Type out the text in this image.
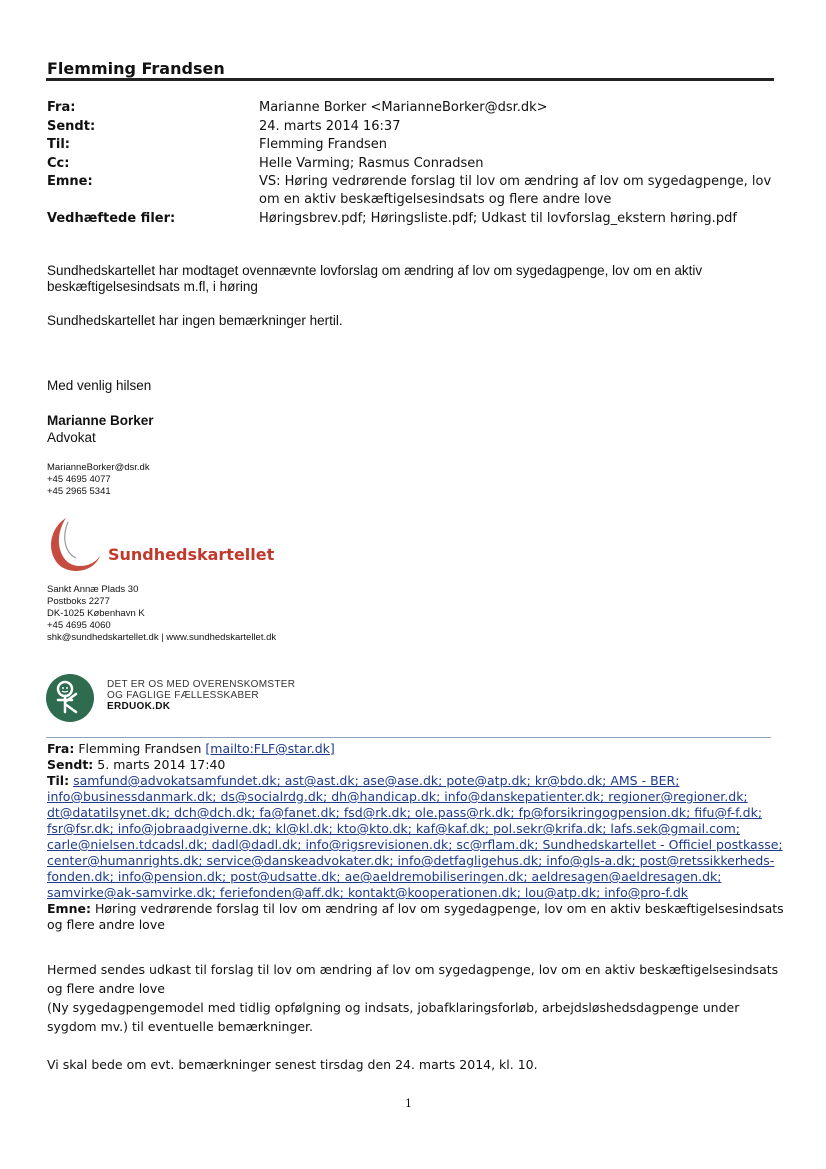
Flemming Frandsen
Fra:	Marianne Borker <MarianneBorker@dsr.dk>
Sendt:	24. marts 2014 16:37
Til:	Flemming Frandsen
Cc:	Helle Varming; Rasmus Conradsen
Emne:	VS: Høring vedrørende forslag til lov om ændring af lov om sygedagpenge, lov om en aktiv beskæftigelsesindsats og flere andre love
Vedhæftede filer:	Høringsbrev.pdf; Høringsliste.pdf; Udkast til lovforslag_ekstern høring.pdf
Sundhedskartellet har modtaget ovennævnte lovforslag om ændring af lov om sygedagpenge, lov om en aktiv beskæftigelsesindsats m.fl, i høring
Sundhedskartellet har ingen bemærkninger hertil.
Med venlig hilsen
Marianne Borker
Advokat
MarianneBorker@dsr.dk
+45 4695 4077
+45 2965 5341
Sundhedskartellet
Sankt Annæ Plads 30
Postboks 2277
DK-1025 København K
+45 4695 4060
shk@sundhedskartellet.dk | www.sundhedskartellet.dk
DET ER OS MED OVERENSKOMSTER
OG FAGLIGE FÆLLESSKABER
ERDUOK.DK
Fra: Flemming Frandsen [mailto:FLF@star.dk]
Sendt: 5. marts 2014 17:40
Til: samfund@advokatsamfundet.dk; ast@ast.dk; ase@ase.dk; pote@atp.dk; kr@bdo.dk; AMS - BER;
info@businessdanmark.dk; ds@socialrdg.dk; dh@handicap.dk; info@danskepatienter.dk; regioner@regioner.dk;
dt@datatilsynet.dk; dch@dch.dk; fa@fanet.dk; fsd@rk.dk; ole.pass@rk.dk; fp@forsikringogpension.dk; fifu@f-f.dk;
fsr@fsr.dk; info@jobraadgiverne.dk; kl@kl.dk; kto@kto.dk; kaf@kaf.dk; pol.sekr@krifa.dk; lafs.sek@gmail.com;
carle@nielsen.tdcadsl.dk; dadl@dadl.dk; info@rigsrevisionen.dk; sc@rflam.dk; Sundhedskartellet - Officiel postkasse;
center@humanrights.dk; service@danskeadvokater.dk; info@detfagligehus.dk; info@gls-a.dk; post@retssikkerheds-
fonden.dk; info@pension.dk; post@udsatte.dk; ae@aeldremobiliseringen.dk; aeldresagen@aeldresagen.dk;
samvirke@ak-samvirke.dk; feriefonden@aff.dk; kontakt@kooperationen.dk; lou@atp.dk; info@pro-f.dk
Emne: Høring vedrørende forslag til lov om ændring af lov om sygedagpenge, lov om en aktiv beskæftigelsesindsats
og flere andre love
Hermed sendes udkast til forslag til lov om ændring af lov om sygedagpenge, lov om en aktiv beskæftigelsesindsats
og flere andre love
(Ny sygedagpengemodel med tidlig opfølgning og indsats, jobafklaringsforløb, arbejdsløshedsdagpenge under
sygdom mv.) til eventuelle bemærkninger.
Vi skal bede om evt. bemærkninger senest tirsdag den 24. marts 2014, kl. 10.
1
